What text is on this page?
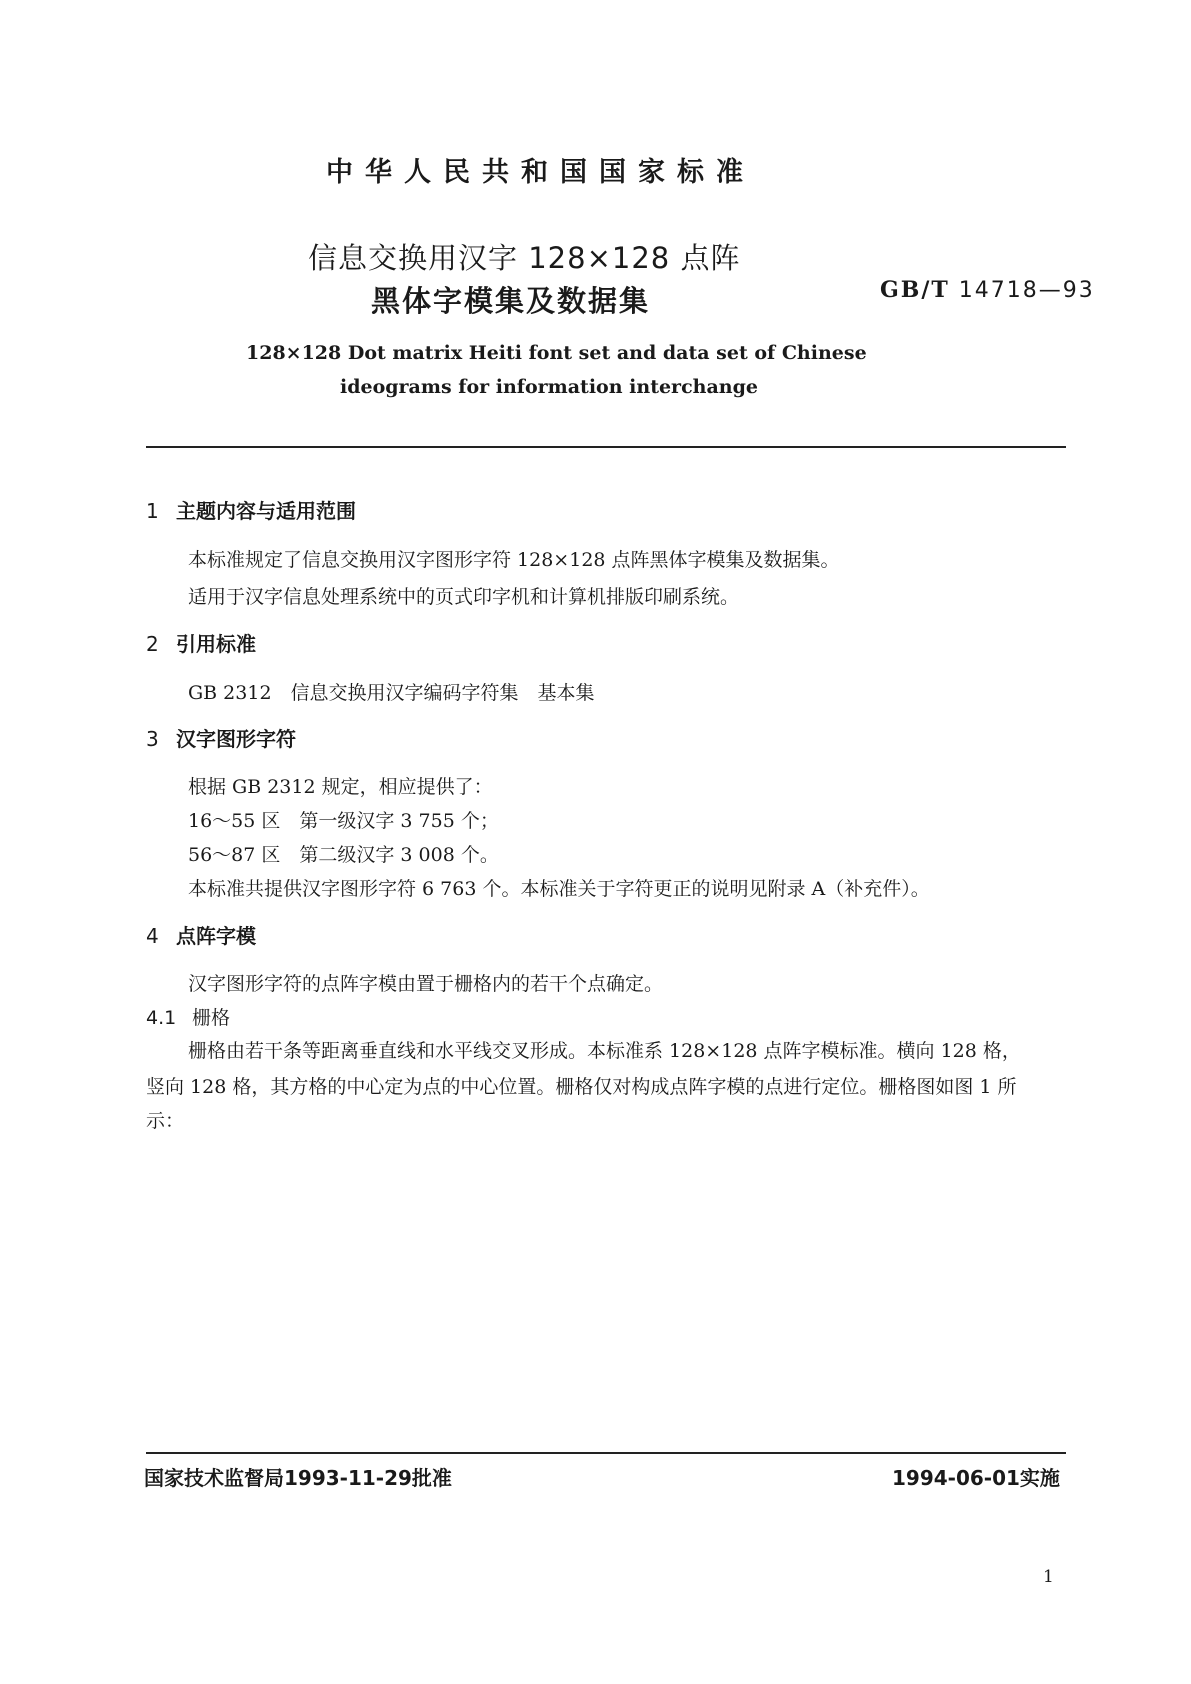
中华人民共和国国家标准
信息交换用汉字 128×128 点阵
黑体字模集及数据集	GB/T 14718—93
128×128 Dot matrix Heiti font set and data set of Chinese
ideograms for information interchange
1 主题内容与适用范围
本标准规定了信息交换用汉字图形字符 128×128 点阵黑体字模集及数据集。
适用于汉字信息处理系统中的页式印字机和计算机排版印刷系统。
2 引用标准
GB 2312　信息交换用汉字编码字符集　基本集
3 汉字图形字符
根据 GB 2312 规定，相应提供了：
16～55 区　第一级汉字 3 755 个；
56～87 区　第二级汉字 3 008 个。
本标准共提供汉字图形字符 6 763 个。本标准关于字符更正的说明见附录 A（补充件）。
4 点阵字模
汉字图形字符的点阵字模由置于栅格内的若干个点确定。
4.1 栅格
栅格由若干条等距离垂直线和水平线交叉形成。本标准系 128×128 点阵字模标准。横向 128 格，
竖向 128 格，其方格的中心定为点的中心位置。栅格仅对构成点阵字模的点进行定位。栅格图如图 1 所
示：
国家技术监督局1993-11-29批准	1994-06-01实施
1
